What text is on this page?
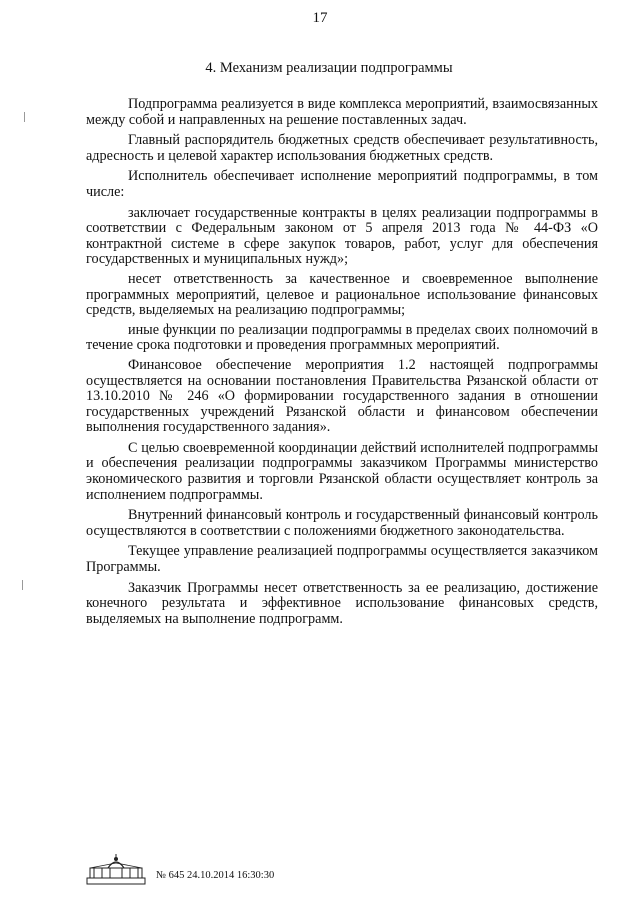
17
4. Механизм реализации подпрограммы

Подпрограмма реализуется в виде комплекса мероприятий, взаимосвязанных между собой и направленных на решение поставленных задач.

Главный распорядитель бюджетных средств обеспечивает результативность, адресность и целевой характер использования бюджетных средств.

Исполнитель обеспечивает исполнение мероприятий подпрограммы, в том числе:

заключает государственные контракты в целях реализации подпрограммы в соответствии с Федеральным законом от 5 апреля 2013 года № 44-ФЗ «О контрактной системе в сфере закупок товаров, работ, услуг для обеспечения государственных и муниципальных нужд»;

несет ответственность за качественное и своевременное выполнение программных мероприятий, целевое и рациональное использование финансовых средств, выделяемых на реализацию подпрограммы;

иные функции по реализации подпрограммы в пределах своих полномочий в течение срока подготовки и проведения программных мероприятий.

Финансовое обеспечение мероприятия 1.2 настоящей подпрограммы осуществляется на основании постановления Правительства Рязанской области от 13.10.2010 № 246 «О формировании государственного задания в отношении государственных учреждений Рязанской области и финансовом обеспечении выполнения государственного задания».

С целью своевременной координации действий исполнителей подпрограммы и обеспечения реализации подпрограммы заказчиком Программы министерство экономического развития и торговли Рязанской области осуществляет контроль за исполнением подпрограммы.

Внутренний финансовый контроль и государственный финансовый контроль осуществляются в соответствии с положениями бюджетного законодательства.

Текущее управление реализацией подпрограммы осуществляется заказчиком Программы.

Заказчик Программы несет ответственность за ее реализацию, достижение конечного результата и эффективное использование финансовых средств, выделяемых на выполнение подпрограмм.

№ 645 24.10.2014 16:30:30
